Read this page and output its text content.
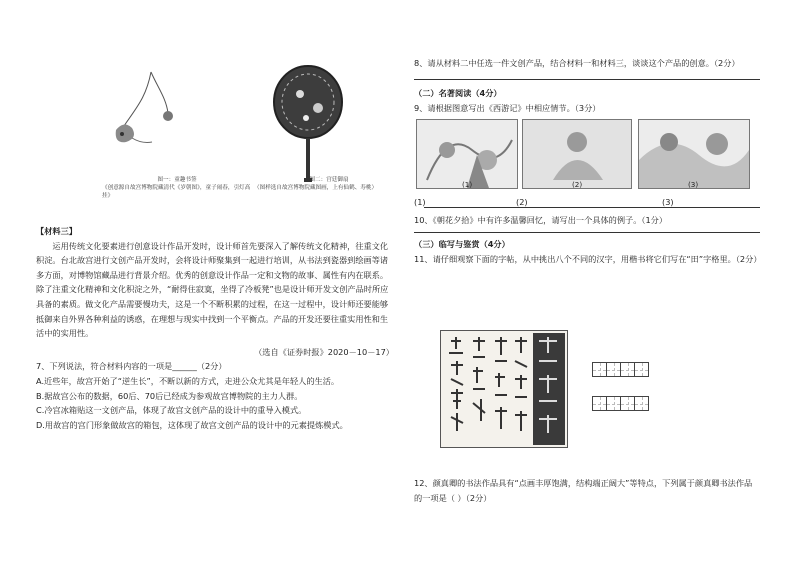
图一：童趣书签
《创意源自故宫博物院藏清代《岁朝图》，童子闹春，引灯高挂》
图二：宫廷御扇
（图样选自故宫博物院藏图画，上有仙鹤、寿桃）
【材料三】
运用传统文化要素进行创意设计作品开发时，设计师首先要深入了解传统文化精神，往重文化积淀。台北故宫进行文创产品开发时，会将设计师聚集到一起进行培训，从书法到瓷器到绘画等诸多方面，对博物馆藏品进行背景介绍。优秀的创意设计作品一定和文物的故事、属性有内在联系。除了注重文化精神和文化积淀之外，“耐得住寂寞，坐得了冷板凳”也是设计师开发文创产品时所应具备的素质。做文化产品需要慢功夫，这是一个不断积累的过程，在这一过程中，设计师还要能够抵御来自外界各种利益的诱惑，在理想与现实中找到一个平衡点。产品的开发还要往重实用性和生活中的实用性。
（选自《证券时报》2020－10－17）
7、下列说法，符合材料内容的一项是______（2分）
A.近些年，故宫开始了“逆生长”，不断以新的方式，走进公众尤其是年轻人的生活。
B.据故宫公布的数据，60后、70后已经成为参观故宫博物院的主力人群。
C.冷宫冰箱贴这一文创产品，体现了故宫文创产品的设计中的重导入模式。
D.用故宫的宫门形象做故宫的箱包，这体现了故宫文创产品的设计中的元素提炼模式。
8、请从材料二中任选一件文创产品，结合材料一和材料三，谈谈这个产品的创意。（2分）
（二）名著阅读（4分）
9、请根据图意写出《西游记》中相应情节。（3分）
(1)	(2)	(3)
(1)	(2)	(3)
10、《朝花夕拾》中有许多温馨回忆，请写出一个具体的例子。（1分）
（三）临写与鉴赏（4分）
11、请仔细观察下面的字帖，从中挑出八个不同的汉字，用楷书将它们写在“田”字格里。（2分）
12、颜真卿的书法作品具有“点画丰厚饱满，结构端正阔大”等特点，下列属于颜真卿书法作品的一项是（ ）（2分）
